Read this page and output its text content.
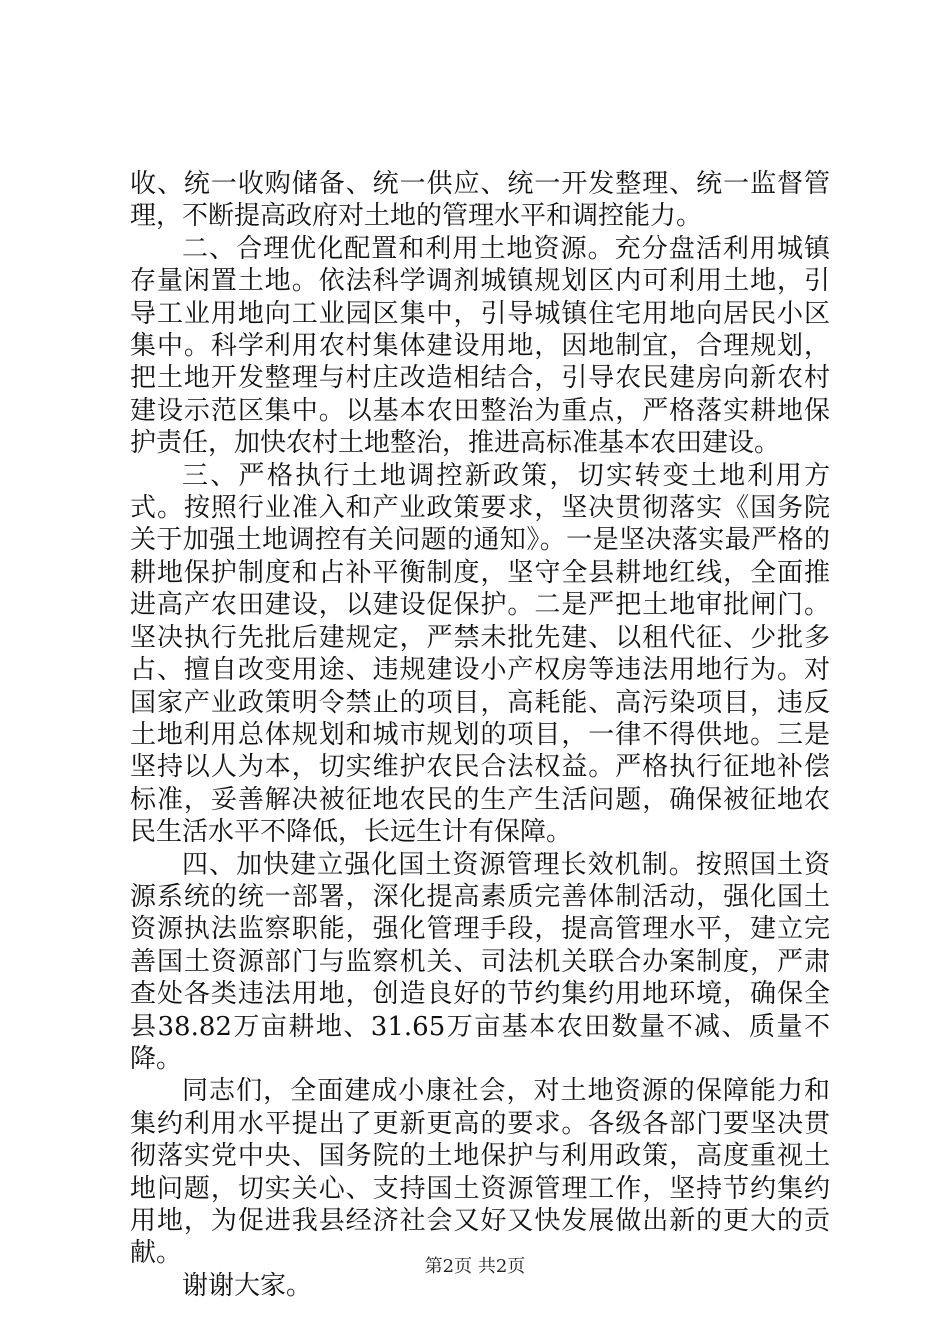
收、统一收购储备、统一供应、统一开发整理、统一监督管理，不断提高政府对土地的管理水平和调控能力。

二、合理优化配置和利用土地资源。充分盘活利用城镇存量闲置土地。依法科学调剂城镇规划区内可利用土地，引导工业用地向工业园区集中，引导城镇住宅用地向居民小区集中。科学利用农村集体建设用地，因地制宜，合理规划，把土地开发整理与村庄改造相结合，引导农民建房向新农村建设示范区集中。以基本农田整治为重点，严格落实耕地保护责任，加快农村土地整治，推进高标准基本农田建设。

三、严格执行土地调控新政策，切实转变土地利用方式。按照行业准入和产业政策要求，坚决贯彻落实《国务院关于加强土地调控有关问题的通知》。一是坚决落实最严格的耕地保护制度和占补平衡制度，坚守全县耕地红线，全面推进高产农田建设，以建设促保护。二是严把土地审批闸门。坚决执行先批后建规定，严禁未批先建、以租代征、少批多占、擅自改变用途、违规建设小产权房等违法用地行为。对国家产业政策明令禁止的项目，高耗能、高污染项目，违反土地利用总体规划和城市规划的项目，一律不得供地。三是坚持以人为本，切实维护农民合法权益。严格执行征地补偿标准，妥善解决被征地农民的生产生活问题，确保被征地农民生活水平不降低，长远生计有保障。

四、加快建立强化国土资源管理长效机制。按照国土资源系统的统一部署，深化提高素质完善体制活动，强化国土资源执法监察职能，强化管理手段，提高管理水平，建立完善国土资源部门与监察机关、司法机关联合办案制度，严肃查处各类违法用地，创造良好的节约集约用地环境，确保全县38.82万亩耕地、31.65万亩基本农田数量不减、质量不降。

同志们，全面建成小康社会，对土地资源的保障能力和集约利用水平提出了更新更高的要求。各级各部门要坚决贯彻落实党中央、国务院的土地保护与利用政策，高度重视土地问题，切实关心、支持国土资源管理工作，坚持节约集约用地，为促进我县经济社会又好又快发展做出新的更大的贡献。

谢谢大家。

第2页 共2页
